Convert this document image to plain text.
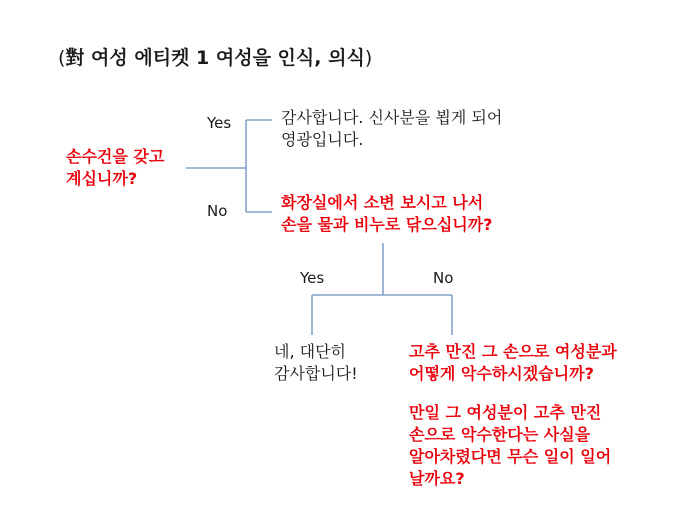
(對 여성 에티켓 1 여성을 인식, 의식)
손수건을 갖고
계십니까?
Yes
No
감사합니다. 신사분을 뵙게 되어
영광입니다.
화장실에서 소변 보시고 나서
손을 물과 비누로 닦으십니까?
Yes	No
네, 대단히
감사합니다!
고추 만진 그 손으로 여성분과
어떻게 악수하시겠습니까?
만일 그 여성분이 고추 만진
손으로 악수한다는 사실을
알아차렸다면 무슨 일이 일어
날까요?
